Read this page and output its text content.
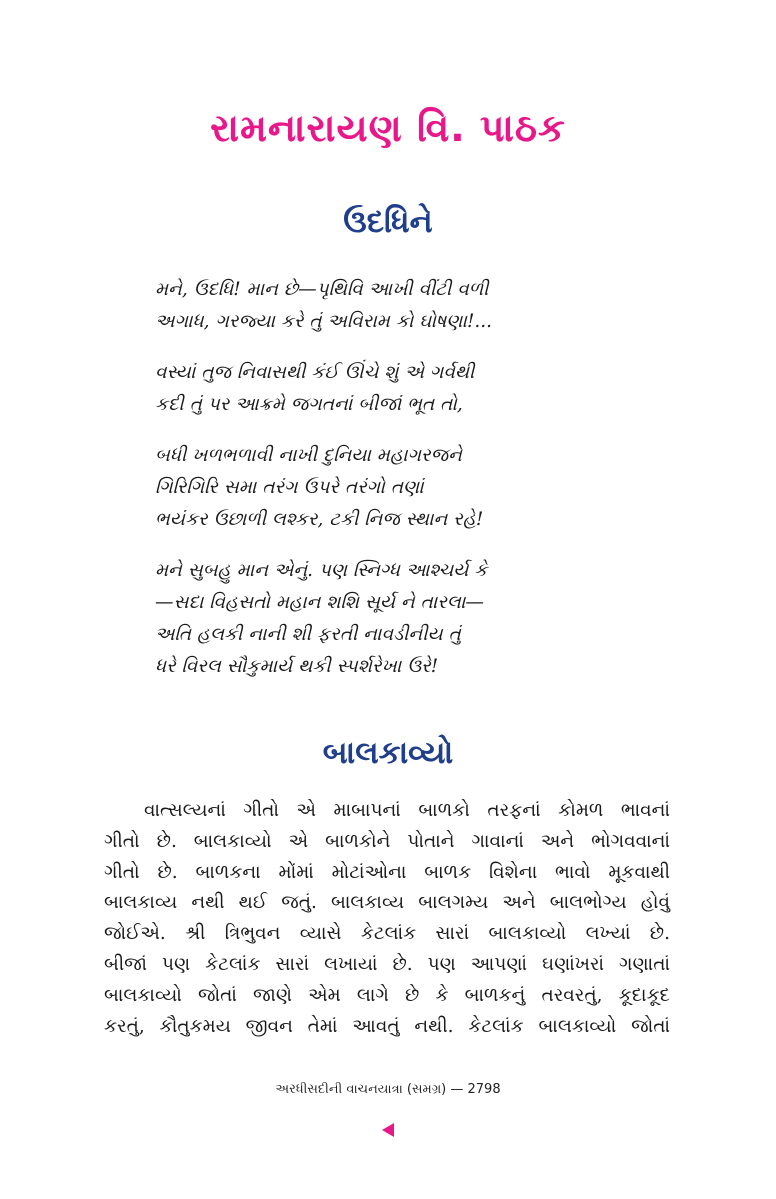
રામનારાયણ વિ. પાઠક
ઉદધિને
મને, ઉદધિ! માન છે—પૃથિવિ આખી વીંટી વળી
અગાધ, ગરજ્યા કરે તું અવિરામ કો ઘોષણા!...
વસ્યાં તુજ નિવાસથી કંઈ ઊંચે શું એ ગર્વથી
કદી તું પર આક્રમે જગતનાં બીજાં ભૂત તો,
બધી ખળભળાવી નાખી દુનિયા મહાગરજને
ગિરિગિરિ સમા તરંગ ઉપરે તરંગો તણાં
ભયંકર ઉછાળી લશ્કર, ટકી નિજ સ્થાન રહે!
મને સુબહુ માન એનું. પણ સ્નિગ્ધ આશ્ચર્ય કે
—સદા વિહસતો મહાન શશિ સૂર્ય ને તારલા—
અતિ હલકી નાની શી ફરતી નાવડીનીય તું
ધરે વિરલ સૌકુમાર્ય થકી સ્પર્શરેખા ઉરે!
બાલકાવ્યો
વાત્સલ્યનાં ગીતો એ માબાપનાં બાળકો તરફનાં કોમળ ભાવનાં
ગીતો છે. બાલકાવ્યો એ બાળકોને પોતાને ગાવાનાં અને ભોગવવાનાં
ગીતો છે. બાળકના મોંમાં મોટાંઓના બાળક વિશેના ભાવો મૂકવાથી
બાલકાવ્ય નથી થઈ જતું. બાલકાવ્ય બાલગમ્ય અને બાલભોગ્ય હોવું
જોઈએ. શ્રી ત્રિભુવન વ્યાસે કેટલાંક સારાં બાલકાવ્યો લખ્યાં છે.
બીજાં પણ કેટલાંક સારાં લખાયાં છે. પણ આપણાં ઘણાંખરાં ગણાતાં
બાલકાવ્યો જોતાં જાણે એમ લાગે છે કે બાળકનું તરવરતું, કૂદાકૂદ
કરતું, કૌતુકમય જીવન તેમાં આવતું નથી. કેટલાંક બાલકાવ્યો જોતાં
અરધીસદીની વાચનયાત્રા (સમગ્ર) — 2798
